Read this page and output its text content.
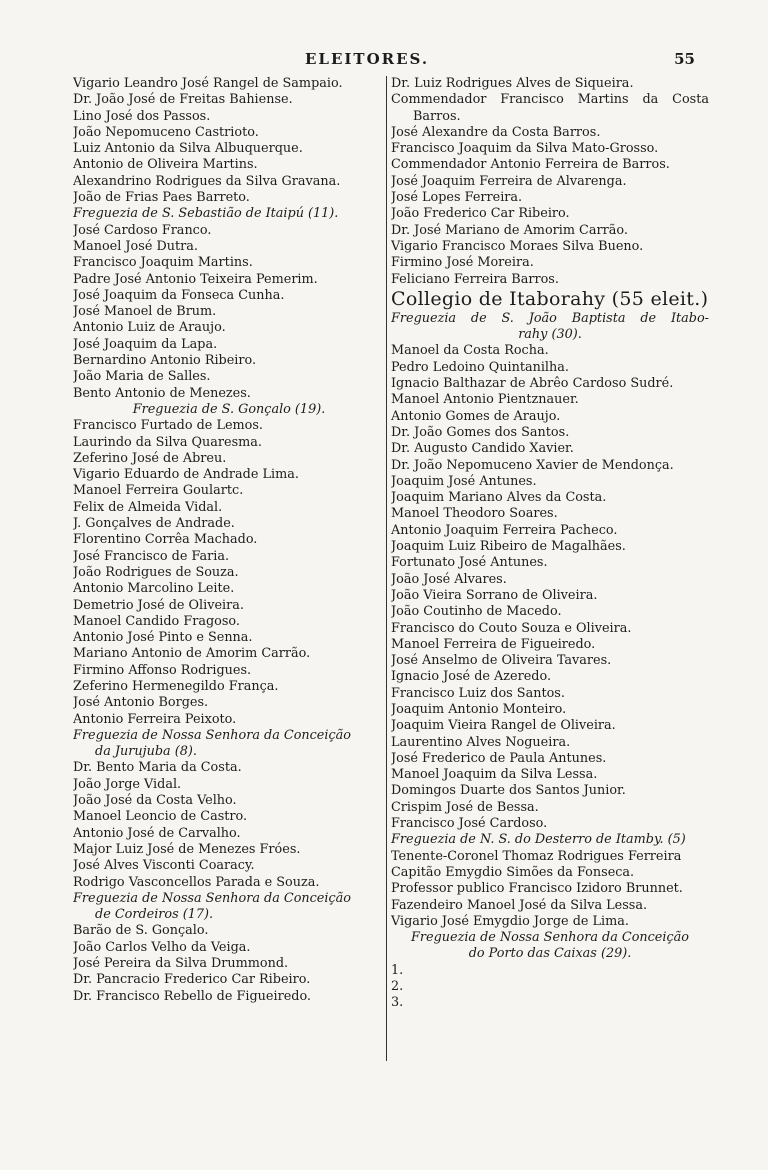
ELEITORES.	55
Vigario Leandro José Rangel de Sampaio.
Dr. João José de Freitas Bahiense.
Lino José dos Passos.
João Nepomuceno Castrioto.
Luiz Antonio da Silva Albuquerque.
Antonio de Oliveira Martins.
Alexandrino Rodrigues da Silva Gravana.
João de Frias Paes Barreto.
Freguezia de S. Sebastião de Itaipú (11).
José Cardoso Franco.
Manoel José Dutra.
Francisco Joaquim Martins.
Padre José Antonio Teixeira Pemerim.
José Joaquim da Fonseca Cunha.
José Manoel de Brum.
Antonio Luiz de Araujo.
José Joaquim da Lapa.
Bernardino Antonio Ribeiro.
João Maria de Salles.
Bento Antonio de Menezes.
Freguezia de S. Gonçalo (19).
Francisco Furtado de Lemos.
Laurindo da Silva Quaresma.
Zeferino José de Abreu.
Vigario Eduardo de Andrade Lima.
Manoel Ferreira Goulartc.
Felix de Almeida Vidal.
J. Gonçalves de Andrade.
Florentino Corrêa Machado.
José Francisco de Faria.
João Rodrigues de Souza.
Antonio Marcolino Leite.
Demetrio José de Oliveira.
Manoel Candido Fragoso.
Antonio José Pinto e Senna.
Mariano Antonio de Amorim Carrão.
Firmino Affonso Rodrigues.
Zeferino Hermenegildo França.
José Antonio Borges.
Antonio Ferreira Peixoto.
Freguezia de Nossa Senhora da Conceição
da Jurujuba (8).
Dr. Bento Maria da Costa.
João Jorge Vidal.
João José da Costa Velho.
Manoel Leoncio de Castro.
Antonio José de Carvalho.
Major Luiz José de Menezes Fróes.
José Alves Visconti Coaracy.
Rodrigo Vasconcellos Parada e Souza.
Freguezia de Nossa Senhora da Conceição
de Cordeiros (17).
Barão de S. Gonçalo.
João Carlos Velho da Veiga.
José Pereira da Silva Drummond.
Dr. Pancracio Frederico Car Ribeiro.
Dr. Francisco Rebello de Figueiredo.
Dr. Luiz Rodrigues Alves de Siqueira.
Commendador Francisco Martins da Costa
Barros.
José Alexandre da Costa Barros.
Francisco Joaquim da Silva Mato-Grosso.
Commendador Antonio Ferreira de Barros.
José Joaquim Ferreira de Alvarenga.
José Lopes Ferreira.
João Frederico Car Ribeiro.
Dr. José Mariano de Amorim Carrão.
Vigario Francisco Moraes Silva Bueno.
Firmino José Moreira.
Feliciano Ferreira Barros.
Collegio de Itaborahy (55 eleit.)
Freguezia de S. João Baptista de Itabo-
rahy (30).
Manoel da Costa Rocha.
Pedro Ledoino Quintanilha.
Ignacio Balthazar de Abrêo Cardoso Sudré.
Manoel Antonio Pientznauer.
Antonio Gomes de Araujo.
Dr. João Gomes dos Santos.
Dr. Augusto Candido Xavier.
Dr. João Nepomuceno Xavier de Mendonça.
Joaquim José Antunes.
Joaquim Mariano Alves da Costa.
Manoel Theodoro Soares.
Antonio Joaquim Ferreira Pacheco.
Joaquim Luiz Ribeiro de Magalhães.
Fortunato José Antunes.
João José Alvares.
João Vieira Sorrano de Oliveira.
João Coutinho de Macedo.
Francisco do Couto Souza e Oliveira.
Manoel Ferreira de Figueiredo.
José Anselmo de Oliveira Tavares.
Ignacio José de Azeredo.
Francisco Luiz dos Santos.
Joaquim Antonio Monteiro.
Joaquim Vieira Rangel de Oliveira.
Laurentino Alves Nogueira.
José Frederico de Paula Antunes.
Manoel Joaquim da Silva Lessa.
Domingos Duarte dos Santos Junior.
Crispim José de Bessa.
Francisco José Cardoso.
Freguezia de N. S. do Desterro de Itamby. (5)
Tenente-Coronel Thomaz Rodrigues Ferreira
Capitão Emygdio Simões da Fonseca.
Professor publico Francisco Izidoro Brunnet.
Fazendeiro Manoel José da Silva Lessa.
Vigario José Emygdio Jorge de Lima.
Freguezia de Nossa Senhora da Conceição
do Porto das Caixas (29).
1.
2.
3.
